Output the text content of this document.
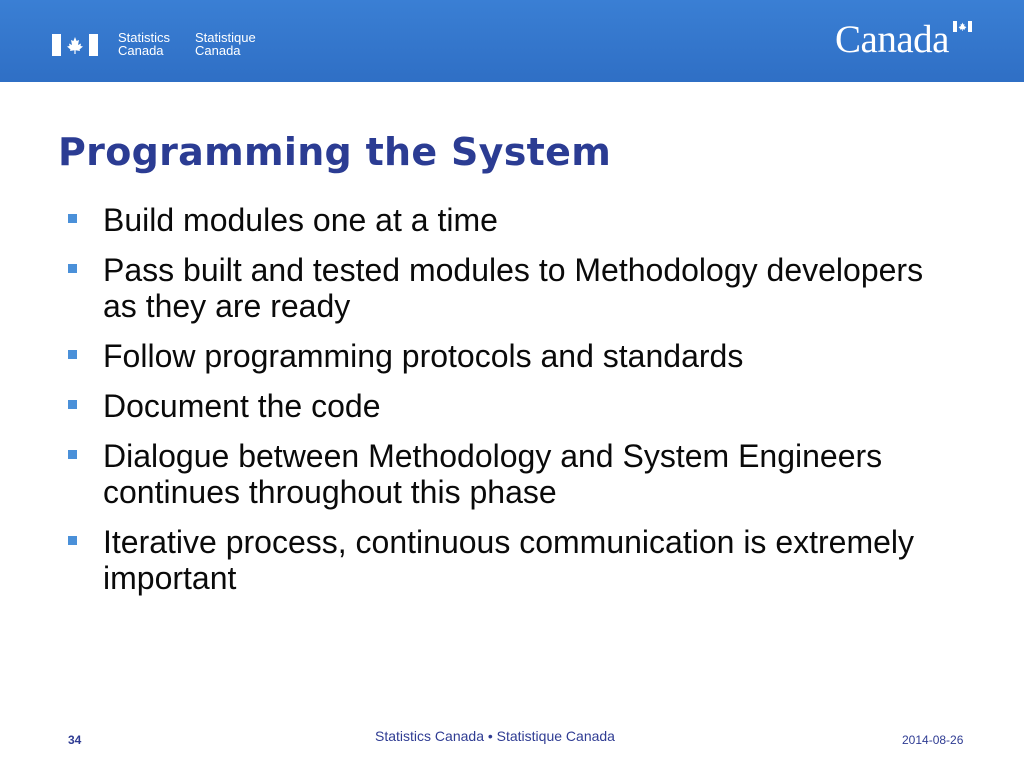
Statistics
Canada
Statistique
Canada	Canada
Programming the System
Build modules one at a time
Pass built and tested modules to Methodology developers as they are ready
Follow programming protocols and standards
Document the code
Dialogue between Methodology and System Engineers continues throughout this phase
Iterative process, continuous communication is extremely important
34	Statistics Canada • Statistique Canada	2014-08-26
